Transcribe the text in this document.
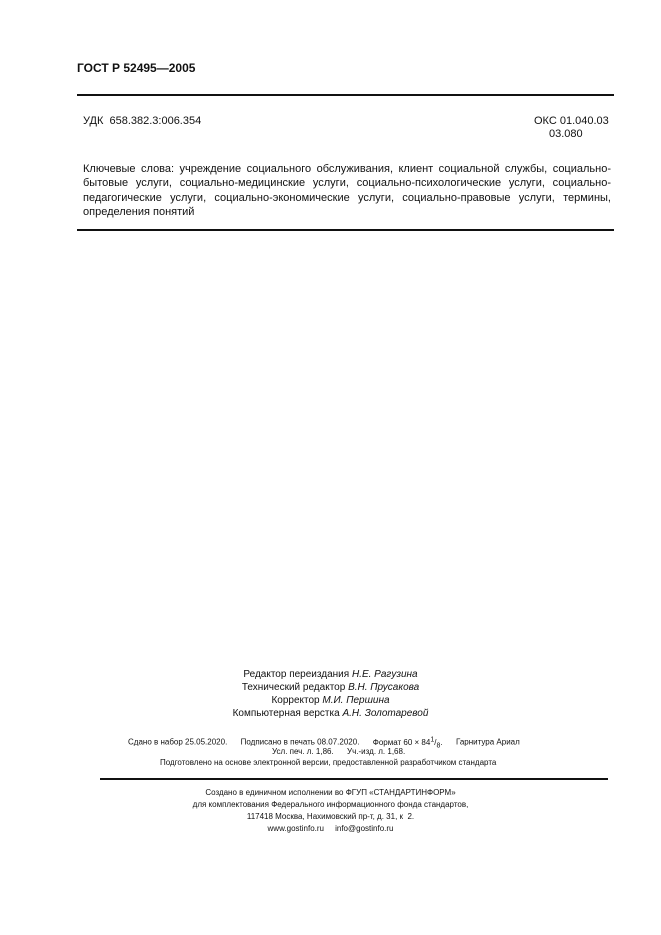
ГОСТ Р 52495—2005
УДК  658.382.3:006.354	ОКС 01.040.03
03.080
Ключевые слова: учреждение социального обслуживания, клиент социальной службы, социально-бытовые услуги, социально-медицинские услуги, социально-психологические услуги, социально-педагогические услуги, социально-экономические услуги, социально-правовые услуги, термины, определения понятий
Редактор переиздания Н.Е. Рагузина
Технический редактор В.Н. Прусакова
Корректор М.И. Першина
Компьютерная верстка А.Н. Золотаревой
Сдано в набор 25.05.2020. Подписано в печать 08.07.2020. Формат $60 \times 84^1/_8$. Гарнитура Ариал
Усл. печ. л. 1,86. Уч.-изд. л. 1,68.
Подготовлено на основе электронной версии, предоставленной разработчиком стандарта
Создано в единичном исполнении во ФГУП «СТАНДАРТИНФОРМ»
для комплектования Федерального информационного фонда стандартов,
117418 Москва, Нахимовский пр-т, д. 31, к  2.
www.gostinfo.ru info@gostinfo.ru
